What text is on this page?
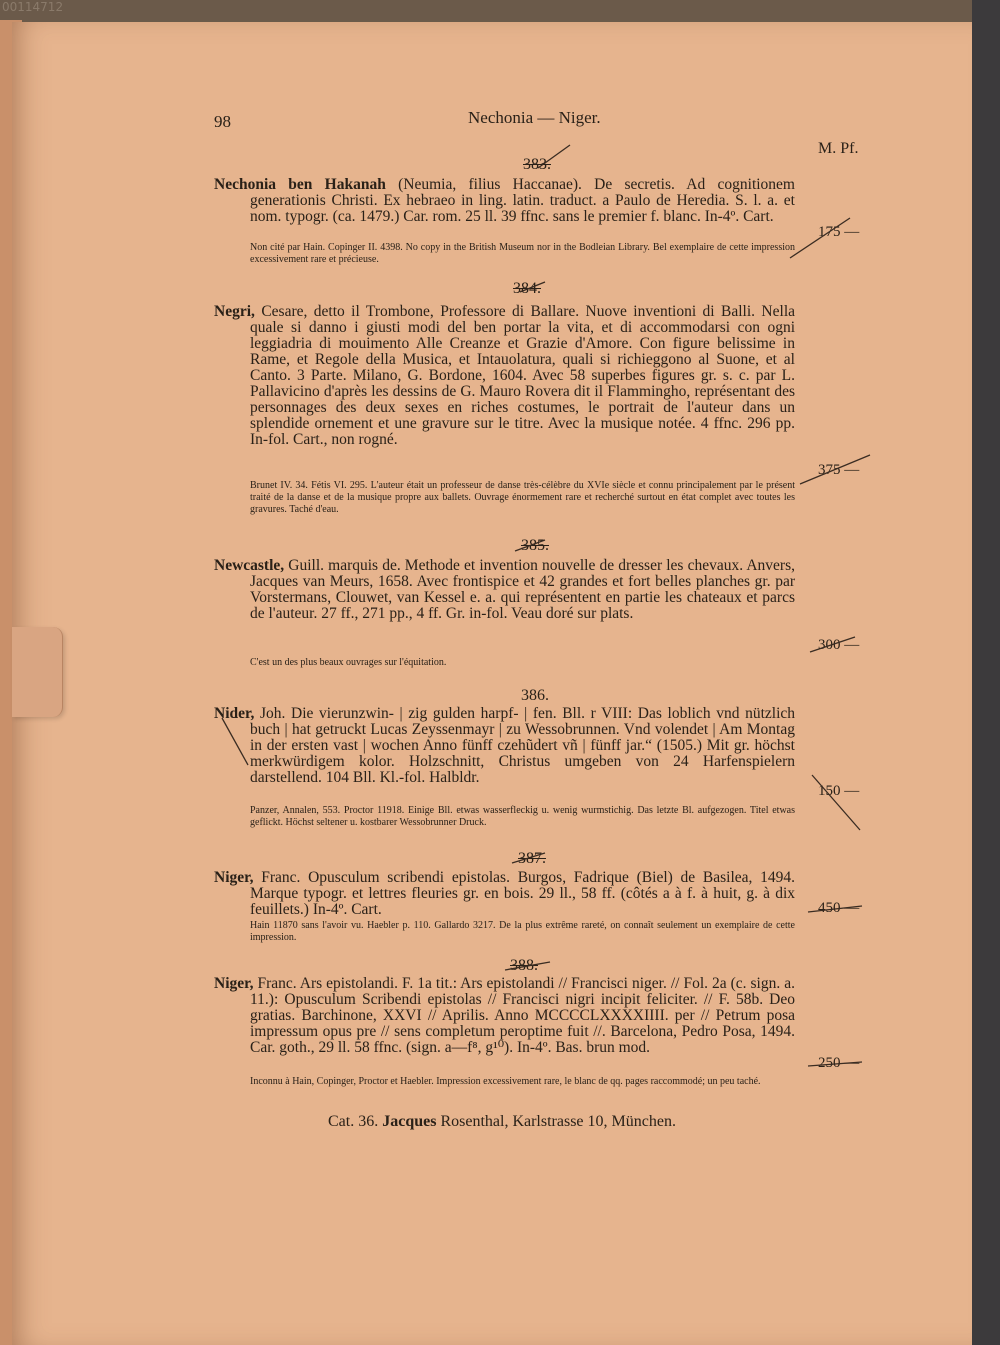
00114712
98	Nechonia — Niger.
M. Pf.
383.
Nechonia ben Hakanah (Neumia, filius Haccanae). De secretis. Ad cognitionem generationis Christi. Ex hebraeo in ling. latin. traduct. a Paulo de Heredia. S. l. a. et nom. typogr. (ca. 1479.) Car. rom. 25 ll. 39 ffnc. sans le premier f. blanc. In-4º. Cart.
Non cité par Hain. Copinger II. 4398. No copy in the British Museum nor in the Bodleian Library. Bel exemplaire de cette impression excessivement rare et précieuse.
175 —
384.
Negri, Cesare, detto il Trombone, Professore di Ballare. Nuove inventioni di Balli. Nella quale si danno i giusti modi del ben portar la vita, et di accommodarsi con ogni leggiadria di mouimento Alle Creanze et Grazie d'Amore. Con figure belissime in Rame, et Regole della Musica, et Intauolatura, quali si richieggono al Suone, et al Canto. 3 Parte. Milano, G. Bordone, 1604. Avec 58 superbes figures gr. s. c. par L. Pallavicino d'après les dessins de G. Mauro Rovera dit il Flammingho, représentant des personnages des deux sexes en riches costumes, le portrait de l'auteur dans un splendide ornement et une gravure sur le titre. Avec la musique notée. 4 ffnc. 296 pp. In-fol. Cart., non rogné.
Brunet IV. 34. Fétis VI. 295. L'auteur était un professeur de danse très-célèbre du XVIe siècle et connu principalement par le présent traité de la danse et de la musique propre aux ballets. Ouvrage énormement rare et recherché surtout en état complet avec toutes les gravures. Taché d'eau.
375 —
385.
Newcastle, Guill. marquis de. Methode et invention nouvelle de dresser les chevaux. Anvers, Jacques van Meurs, 1658. Avec frontispice et 42 grandes et fort belles planches gr. par Vorstermans, Clouwet, van Kessel e. a. qui représentent en partie les chateaux et parcs de l'auteur. 27 ff., 271 pp., 4 ff. Gr. in-fol. Veau doré sur plats.
C'est un des plus beaux ouvrages sur l'équitation.
300 —
386.
Nider, Joh. Die vierunzwin- | zig gulden harpf- | fen. Bll. r VIII: Das loblich vnd nützlich buch | hat getruckt Lucas Zeyssenmayr | zu Wessobrunnen. Vnd volendet | Am Montag in der ersten vast | wochen Anno fünff czehũdert vñ | fünff jar.“ (1505.) Mit gr. höchst merkwürdigem kolor. Holzschnitt, Christus umgeben von 24 Harfenspielern darstellend. 104 Bll. Kl.-fol. Halbldr.
Panzer, Annalen, 553. Proctor 11918. Einige Bll. etwas wasserfleckig u. wenig wurmstichig. Das letzte Bl. aufgezogen. Titel etwas geflickt. Höchst seltener u. kostbarer Wessobrunner Druck.
150 —
387.
Niger, Franc. Opusculum scribendi epistolas. Burgos, Fadrique (Biel) de Basilea, 1494. Marque typogr. et lettres fleuries gr. en bois. 29 ll., 58 ff. (côtés a à f. à huit, g. à dix feuillets.) In-4º. Cart.
Hain 11870 sans l'avoir vu. Haebler p. 110. Gallardo 3217. De la plus extrême rareté, on connaît seulement un exemplaire de cette impression.
450 —
388.
Niger, Franc. Ars epistolandi. F. 1a tit.: Ars epistolandi // Francisci niger. // Fol. 2a (c. sign. a. 11.): Opusculum Scribendi epistolas // Francisci nigri incipit feliciter. // F. 58b. Deo gratias. Barchinone, XXVI // Aprilis. Anno MCCCCLXXXXIIII. per // Petrum posa impressum opus pre // sens completum peroptime fuit //. Barcelona, Pedro Posa, 1494. Car. goth., 29 ll. 58 ffnc. (sign. a—f⁸, g¹⁰). In-4º. Bas. brun mod.
Inconnu à Hain, Copinger, Proctor et Haebler. Impression excessivement rare, le blanc de qq. pages raccommodé; un peu taché.
250 —
Cat. 36. Jacques Rosenthal, Karlstrasse 10, München.
